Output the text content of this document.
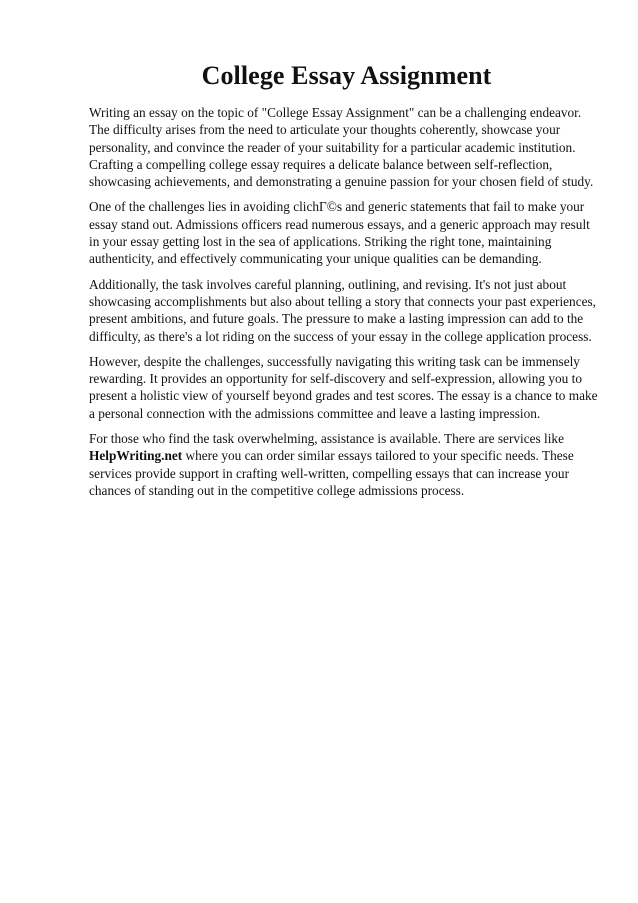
College Essay Assignment

Writing an essay on the topic of "College Essay Assignment" can be a challenging endeavor. The difficulty arises from the need to articulate your thoughts coherently, showcase your personality, and convince the reader of your suitability for a particular academic institution. Crafting a compelling college essay requires a delicate balance between self-reflection, showcasing achievements, and demonstrating a genuine passion for your chosen field of study.

One of the challenges lies in avoiding clichГ©s and generic statements that fail to make your essay stand out. Admissions officers read numerous essays, and a generic approach may result in your essay getting lost in the sea of applications. Striking the right tone, maintaining authenticity, and effectively communicating your unique qualities can be demanding.

Additionally, the task involves careful planning, outlining, and revising. It's not just about showcasing accomplishments but also about telling a story that connects your past experiences, present ambitions, and future goals. The pressure to make a lasting impression can add to the difficulty, as there's a lot riding on the success of your essay in the college application process.

However, despite the challenges, successfully navigating this writing task can be immensely rewarding. It provides an opportunity for self-discovery and self-expression, allowing you to present a holistic view of yourself beyond grades and test scores. The essay is a chance to make a personal connection with the admissions committee and leave a lasting impression.

For those who find the task overwhelming, assistance is available. There are services like HelpWriting.net where you can order similar essays tailored to your specific needs. These services provide support in crafting well-written, compelling essays that can increase your chances of standing out in the competitive college admissions process.
